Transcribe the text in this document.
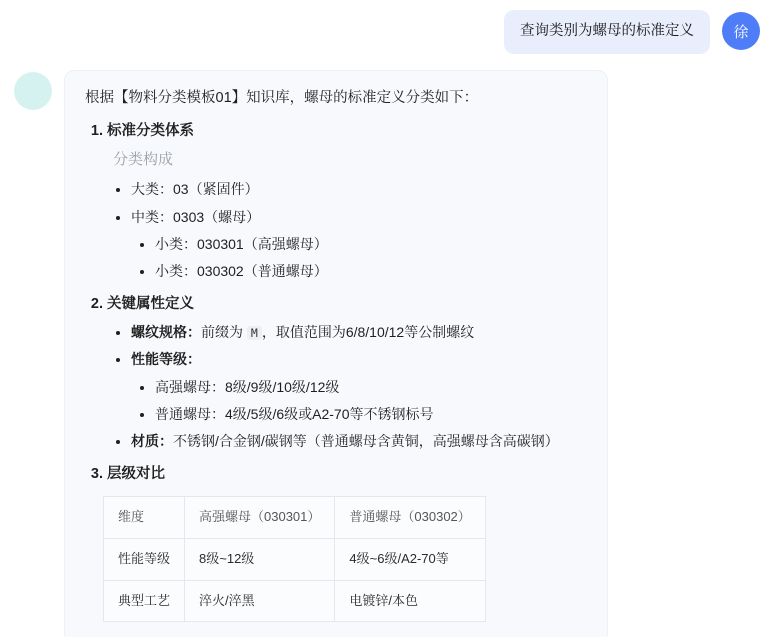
查询类别为螺母的标准定义	徐

根据【物料分类模板01】知识库，螺母的标准定义分类如下：

1. 标准分类体系
分类构成
• 大类：03（紧固件）
• 中类：0303（螺母）
• 小类：030301（高强螺母）
• 小类：030302（普通螺母）
2. 关键属性定义
• 螺纹规格：前缀为 M ，取值范围为6/8/10/12等公制螺纹
• 性能等级：
• 高强螺母：8级/9级/10级/12级
• 普通螺母：4级/5级/6级或A2-70等不锈钢标号
• 材质：不锈钢/合金钢/碳钢等（普通螺母含黄铜，高强螺母含高碳钢）
3. 层级对比
维度	高强螺母（030301）	普通螺母（030302）
性能等级	8级~12级	4级~6级/A2-70等
典型工艺	淬火/淬黑	电镀锌/本色
